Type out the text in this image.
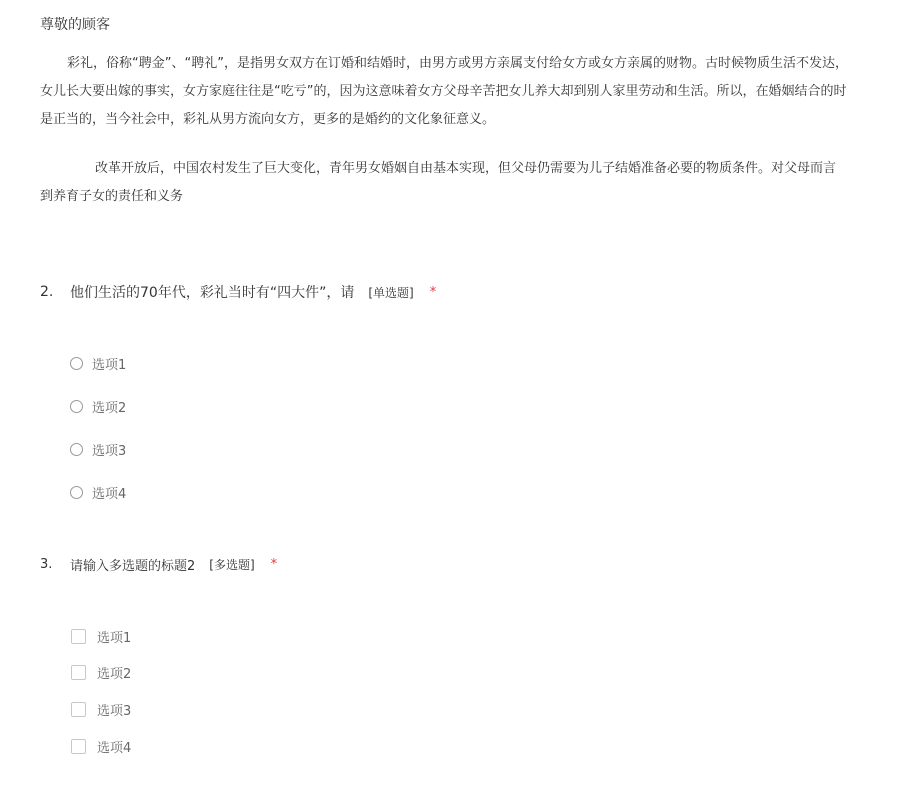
尊敬的顾客
彩礼，俗称“聘金”、“聘礼”，是指男女双方在订婚和结婚时，由男方或男方亲属支付给女方或女方亲属的财物。古时候物质生活不发达，
女儿长大要出嫁的事实，女方家庭往往是“吃亏”的，因为这意味着女方父母辛苦把女儿养大却到别人家里劳动和生活。所以，在婚姻结合的时
是正当的，当今社会中，彩礼从男方流向女方，更多的是婚约的文化象征意义。
改革开放后，中国农村发生了巨大变化，青年男女婚姻自由基本实现，但父母仍需要为儿子结婚准备必要的物质条件。对父母而言
到养育子女的责任和义务
2.	他们生活的70年代，彩礼当时有“四大件”，请 [单选题] *
选项1
选项2
选项3
选项4
3.	请输入多选题的标题2 [多选题] *
选项1
选项2
选项3
选项4
